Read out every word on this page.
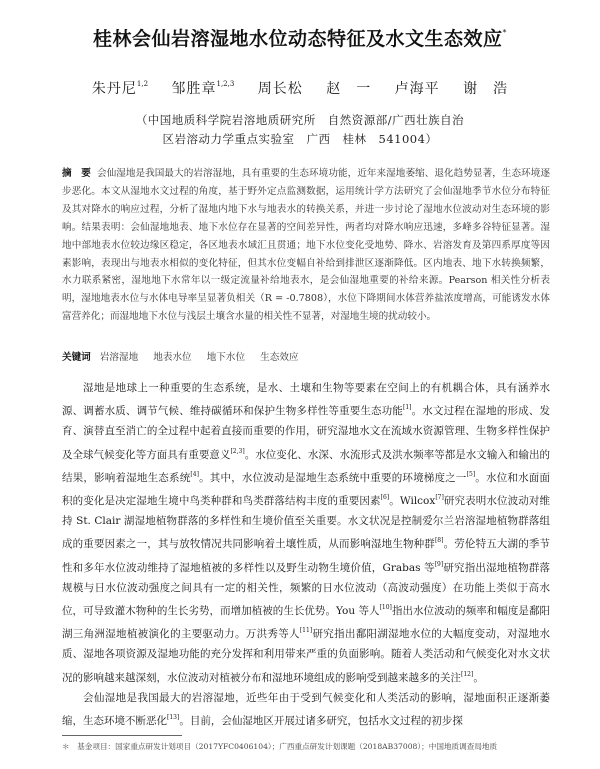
桂林会仙岩溶湿地水位动态特征及水文生态效应*
朱丹尼$^{1,2}$ 邹胜章$^{1,2,3}$ 周长松 赵　一 卢海平 谢　浩
（中国地质科学院岩溶地质研究所　自然资源部/广西壮族自治
区岩溶动力学重点实验室　广西　桂林　541004）
摘　要 会仙湿地是我国最大的岩溶湿地，具有重要的生态环境功能，近年来湿地萎缩、退化趋势显著，生态环境逐步恶化。本文从湿地水文过程的角度，基于野外定点监测数据，运用统计学方法研究了会仙湿地季节水位分布特征及其对降水的响应过程，分析了湿地内地下水与地表水的转换关系，并进一步讨论了湿地水位波动对生态环境的影响。结果表明：会仙湿地地表、地下水位存在显著的空间差异性，两者均对降水响应迅速，多峰多谷特征显著。湿地中部地表水位较边缘区稳定，各区地表水域汇且贯通；地下水位变化受地势、降水、岩溶发育及第四系厚度等因素影响，表现出与地表水相似的变化特征，但其水位变幅自补给到排泄区逐渐降低。区内地表、地下水转换频繁，水力联系紧密，湿地地下水常年以一级定流量补给地表水，是会仙湿地重要的补给来源。Pearson 相关性分析表明，湿地地表水位与水体电导率呈显著负相关（R = -0.7808），水位下降期间水体营养盐浓度增高，可能诱发水体富营养化；而湿地地下水位与浅层土壤含水量的相关性不显著，对湿地生境的扰动较小。
关键词 岩溶湿地 地表水位 地下水位 生态效应

湿地是地球上一种重要的生态系统，是水、土壤和生物等要素在空间上的有机耦合体，具有涵养水源、调蓄水质、调节气候、维持碳循环和保护生物多样性等重要生态功能[1]。水文过程在湿地的形成、发育、演替直至消亡的全过程中起着直接而重要的作用，研究湿地水文在流域水资源管理、生物多样性保护及全球气候变化等方面具有重要意义[2,3]。水位变化、水深、水流形式及洪水频率等都是水文输入和输出的结果，影响着湿地生态系统[4]。其中，水位波动是湿地生态系统中重要的环境梯度之一[5]。水位和水面面积的变化是决定湿地生境中鸟类种群和鸟类群落结构丰度的重要因素[6]。Wilcox[7]研究表明水位波动对维持 St. Clair 湖湿地植物群落的多样性和生境价值至关重要。水文状况是控制爱尔兰岩溶湿地植物群落组成的重要因素之一，其与放牧情况共同影响着土壤性质，从而影响湿地生物种群[8]。劳伦特五大湖的季节性和多年水位波动维持了湿地植被的多样性以及野生动物生境价值，Grabas 等[9]研究指出湿地植物群落规模与日水位波动强度之间具有一定的相关性，频繁的日水位波动（高波动强度）在功能上类似于高水位，可导致灌木物种的生长劣势，而增加植被的生长优势。You 等人[10]指出水位波动的频率和幅度是鄱阳湖三角洲湿地植被演化的主要驱动力。万洪秀等人[11]研究指出鄱阳湖湿地水位的大幅度变动，对湿地水质、湿地各项资源及湿地功能的充分发挥和利用带来严重的负面影响。随着人类活动和气候变化对水文状况的影响越来越深刻，水位波动对植被分布和湿地环境组成的影响受到越来越多的关注[12]。

会仙湿地是我国最大的岩溶湿地，近些年由于受到气候变化和人类活动的影响，湿地面积正逐渐萎缩，生态环境不断恶化[13]。目前，会仙湿地区开展过诸多研究，包括水文过程的初步探

＊　基金项目：国家重点研发计划项目（2017YFC0406104）；广西重点研发计划课题（2018AB37008）；中国地质调查局地质
